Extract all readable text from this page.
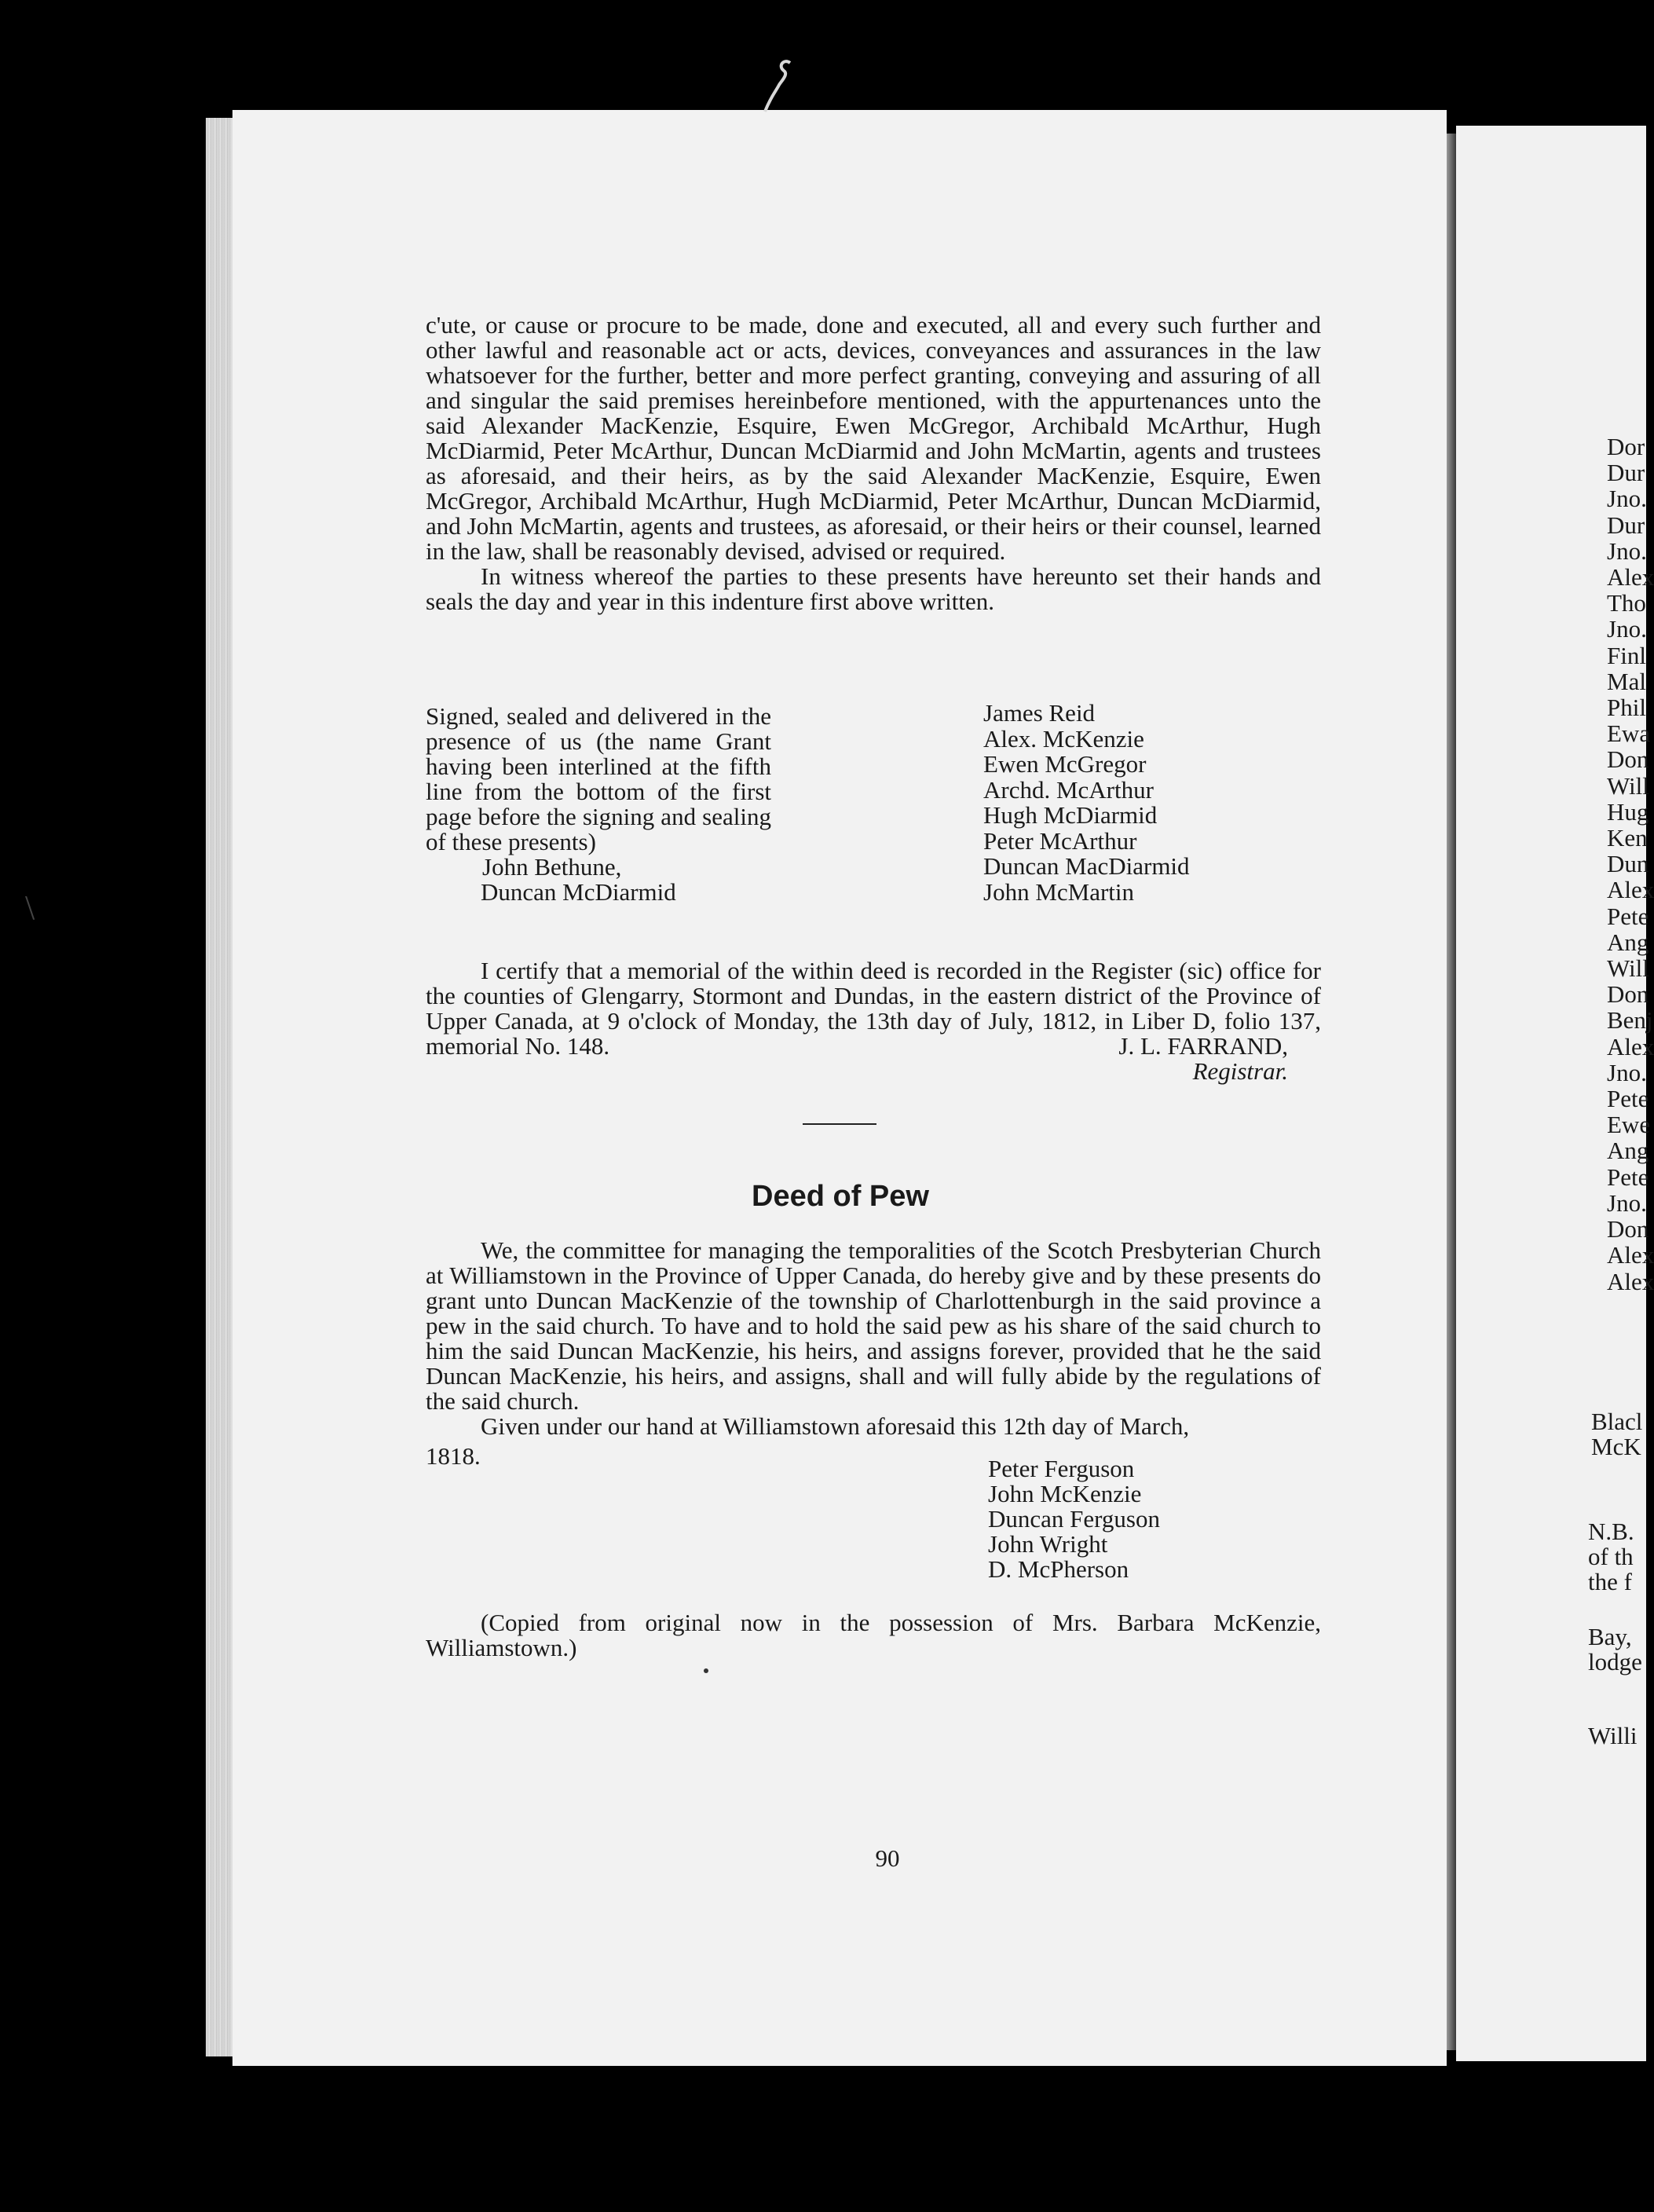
\

c'ute, or cause or procure to be made, done and executed, all and every such further and other lawful and reasonable act or acts, devices, conveyances and assurances in the law whatsoever for the further, better and more perfect granting, conveying and assuring of all and singular the said premises hereinbefore mentioned, with the appurtenances unto the said Alexander MacKenzie, Esquire, Ewen McGregor, Archibald McArthur, Hugh McDiarmid, Peter McArthur, Duncan McDiarmid and John McMartin, agents and trustees as aforesaid, and their heirs, as by the said Alexander MacKenzie, Esquire, Ewen McGregor, Archibald McArthur, Hugh McDiarmid, Peter McArthur, Duncan McDiarmid, and John McMartin, agents and trustees, as aforesaid, or their heirs or their counsel, learned in the law, shall be reasonably devised, advised or required.

In witness whereof the parties to these presents have hereunto set their hands and seals the day and year in this indenture first above written.

Signed, sealed and delivered in the presence of us (the name Grant having been interlined at the fifth line from the bottom of the first page before the signing and sealing of these presents)
John Bethune,
Duncan McDiarmid
James Reid
Alex. McKenzie
Ewen McGregor
Archd. McArthur
Hugh McDiarmid
Peter McArthur
Duncan MacDiarmid
John McMartin

I certify that a memorial of the within deed is recorded in the Register (sic) office for the counties of Glengarry, Stormont and Dundas, in the eastern district of the Province of Upper Canada, at 9 o'clock of Monday, the 13th day of July, 1812, in Liber D, folio 137, memorial No. 148.	J. L. FARRAND,
Registrar.
Deed of Pew

We, the committee for managing the temporalities of the Scotch Presbyterian Church at Williamstown in the Province of Upper Canada, do hereby give and by these presents do grant unto Duncan MacKenzie of the township of Charlottenburgh in the said province a pew in the said church. To have and to hold the said pew as his share of the said church to him the said Duncan MacKenzie, his heirs, and assigns forever, provided that he the said Duncan MacKenzie, his heirs, and assigns, shall and will fully abide by the regulations of the said church.

Given under our hand at Williamstown aforesaid this 12th day of March,

1818.	Peter Ferguson
John McKenzie
Duncan Ferguson
John Wright
D. McPherson

(Copied from original now in the possession of Mrs. Barbara McKenzie, Williamstown.)

90
Dor
Dur
Jno.
Dur
Jno.
Alex
Tho
Jno.
Finl
Mal
Phil
Ewa
Don
Will
Hug
Ken
Dun
Alex
Pete
Ang
Will
Don
Benj
Alex
Jno.
Pete
Ewe
Ang
Pete
Jno.
Don
Alex
Alex
Blacl
McK
N.B.
of th
the f
Bay,
lodge
Willi
